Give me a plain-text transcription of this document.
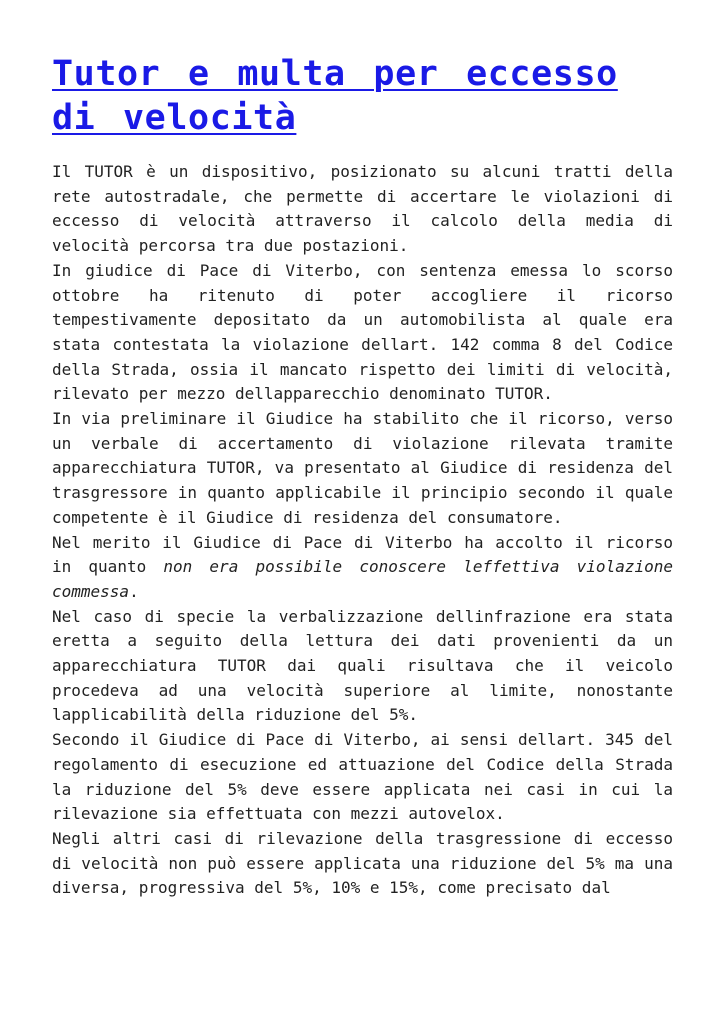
Tutor e multa per eccesso di velocità

Il TUTOR è un dispositivo, posizionato su alcuni tratti della rete autostradale, che permette di accertare le violazioni di eccesso di velocità attraverso il calcolo della media di velocità percorsa tra due postazioni.

In giudice di Pace di Viterbo, con sentenza emessa lo scorso ottobre ha ritenuto di poter accogliere il ricorso tempestivamente depositato da un automobilista al quale era stata contestata la violazione dellart. 142 comma 8 del Codice della Strada, ossia il mancato rispetto dei limiti di velocità, rilevato per mezzo dellapparecchio denominato TUTOR.

In via preliminare il Giudice ha stabilito che il ricorso, verso un verbale di accertamento di violazione rilevata tramite apparecchiatura TUTOR, va presentato al Giudice di residenza del trasgressore in quanto applicabile il principio secondo il quale competente è il Giudice di residenza del consumatore.

Nel merito il Giudice di Pace di Viterbo ha accolto il ricorso in quanto non era possibile conoscere leffettiva violazione commessa.

Nel caso di specie la verbalizzazione dellinfrazione era stata eretta a seguito della lettura dei dati provenienti da un apparecchiatura TUTOR dai quali risultava che il veicolo procedeva ad una velocità superiore al limite, nonostante lapplicabilità della riduzione del 5%.

Secondo il Giudice di Pace di Viterbo, ai sensi dellart. 345 del regolamento di esecuzione ed attuazione del Codice della Strada la riduzione del 5% deve essere applicata nei casi in cui la rilevazione sia effettuata con mezzi autovelox.

Negli altri casi di rilevazione della trasgressione di eccesso di velocità non può essere applicata una riduzione del 5% ma una diversa, progressiva del 5%, 10% e 15%, come precisato dal
